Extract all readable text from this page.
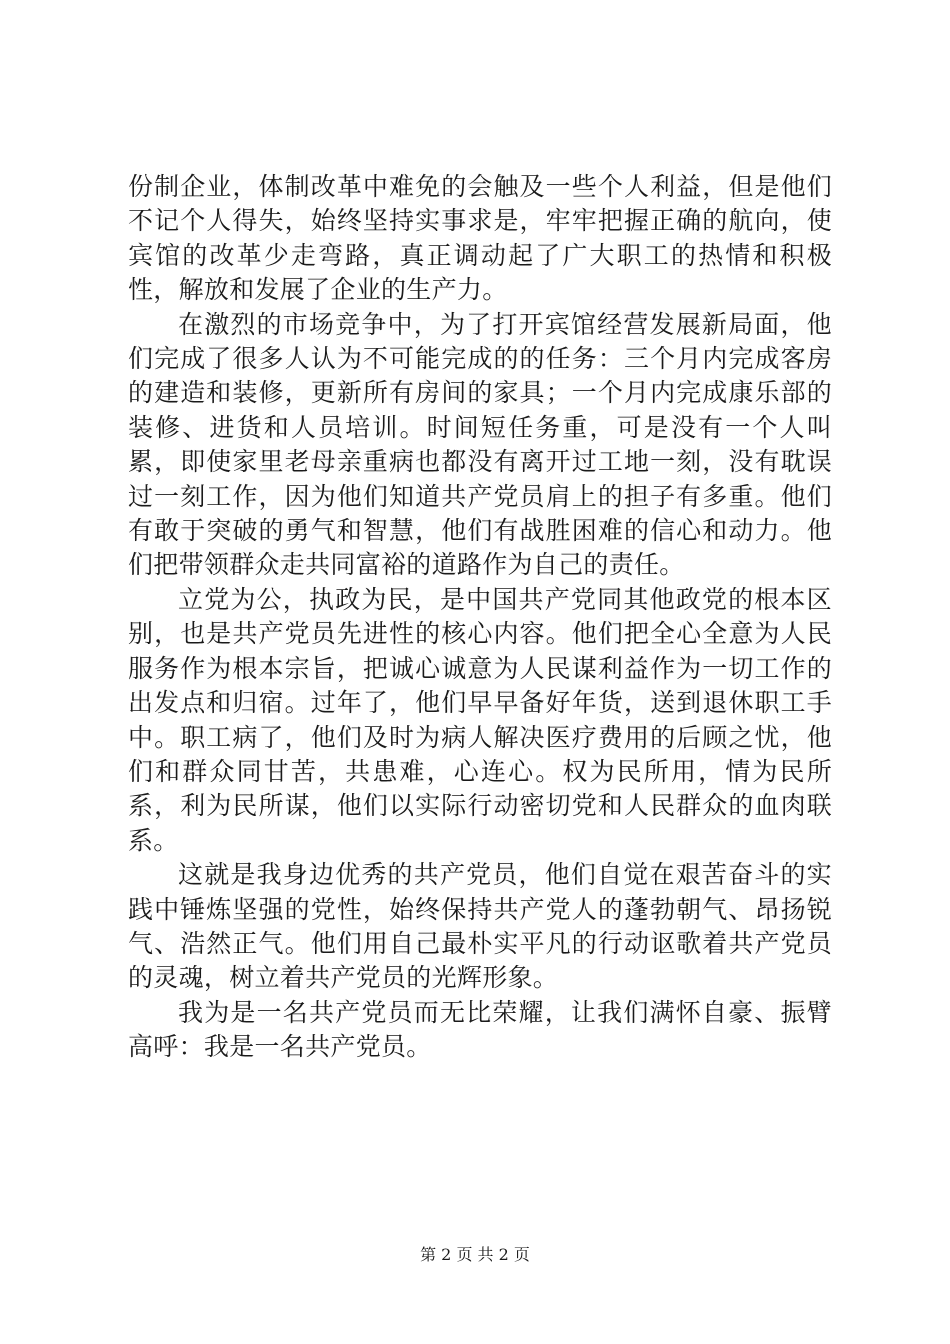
份制企业，体制改革中难免的会触及一些个人利益，但是他们不记个人得失，始终坚持实事求是，牢牢把握正确的航向，使宾馆的改革少走弯路，真正调动起了广大职工的热情和积极性，解放和发展了企业的生产力。

在激烈的市场竞争中，为了打开宾馆经营发展新局面，他们完成了很多人认为不可能完成的的任务：三个月内完成客房的建造和装修，更新所有房间的家具；一个月内完成康乐部的装修、进货和人员培训。时间短任务重，可是没有一个人叫累，即使家里老母亲重病也都没有离开过工地一刻，没有耽误过一刻工作，因为他们知道共产党员肩上的担子有多重。他们有敢于突破的勇气和智慧，他们有战胜困难的信心和动力。他们把带领群众走共同富裕的道路作为自己的责任。

立党为公，执政为民，是中国共产党同其他政党的根本区别，也是共产党员先进性的核心内容。他们把全心全意为人民服务作为根本宗旨，把诚心诚意为人民谋利益作为一切工作的出发点和归宿。过年了，他们早早备好年货，送到退休职工手中。职工病了，他们及时为病人解决医疗费用的后顾之忧，他们和群众同甘苦，共患难，心连心。权为民所用，情为民所系，利为民所谋，他们以实际行动密切党和人民群众的血肉联系。

这就是我身边优秀的共产党员，他们自觉在艰苦奋斗的实践中锤炼坚强的党性，始终保持共产党人的蓬勃朝气、昂扬锐气、浩然正气。他们用自己最朴实平凡的行动讴歌着共产党员的灵魂，树立着共产党员的光辉形象。

我为是一名共产党员而无比荣耀，让我们满怀自豪、振臂高呼：我是一名共产党员。

第 2 页 共 2 页
